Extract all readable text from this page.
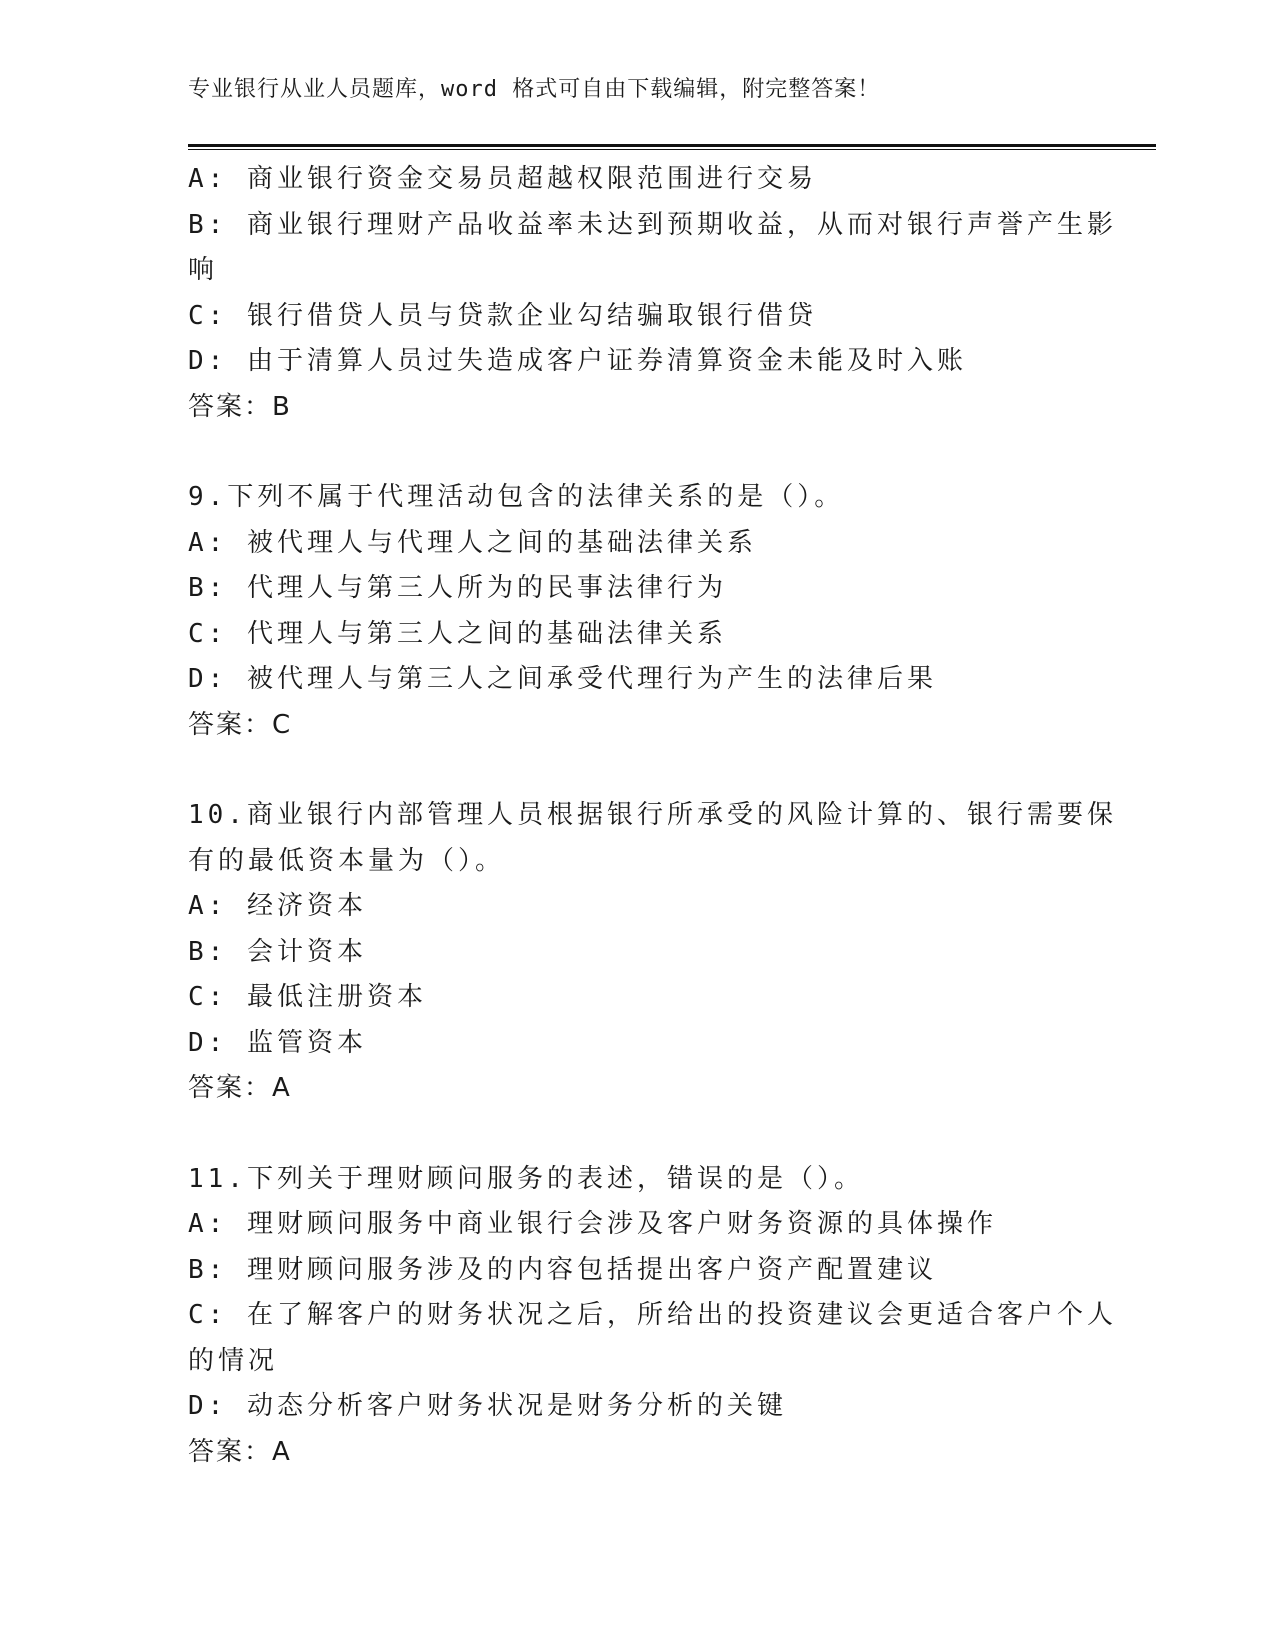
专业银行从业人员题库，word 格式可自由下载编辑，附完整答案！
A: 商业银行资金交易员超越权限范围进行交易
B: 商业银行理财产品收益率未达到预期收益，从而对银行声誉产生影
响
C: 银行借贷人员与贷款企业勾结骗取银行借贷
D: 由于清算人员过失造成客户证券清算资金未能及时入账
答案：B
9.下列不属于代理活动包含的法律关系的是（）。
A: 被代理人与代理人之间的基础法律关系
B: 代理人与第三人所为的民事法律行为
C: 代理人与第三人之间的基础法律关系
D: 被代理人与第三人之间承受代理行为产生的法律后果
答案：C
10.商业银行内部管理人员根据银行所承受的风险计算的、银行需要保
有的最低资本量为（）。
A: 经济资本
B: 会计资本
C: 最低注册资本
D: 监管资本
答案：A
11.下列关于理财顾问服务的表述，错误的是（）。
A: 理财顾问服务中商业银行会涉及客户财务资源的具体操作
B: 理财顾问服务涉及的内容包括提出客户资产配置建议
C: 在了解客户的财务状况之后，所给出的投资建议会更适合客户个人
的情况
D: 动态分析客户财务状况是财务分析的关键
答案：A
